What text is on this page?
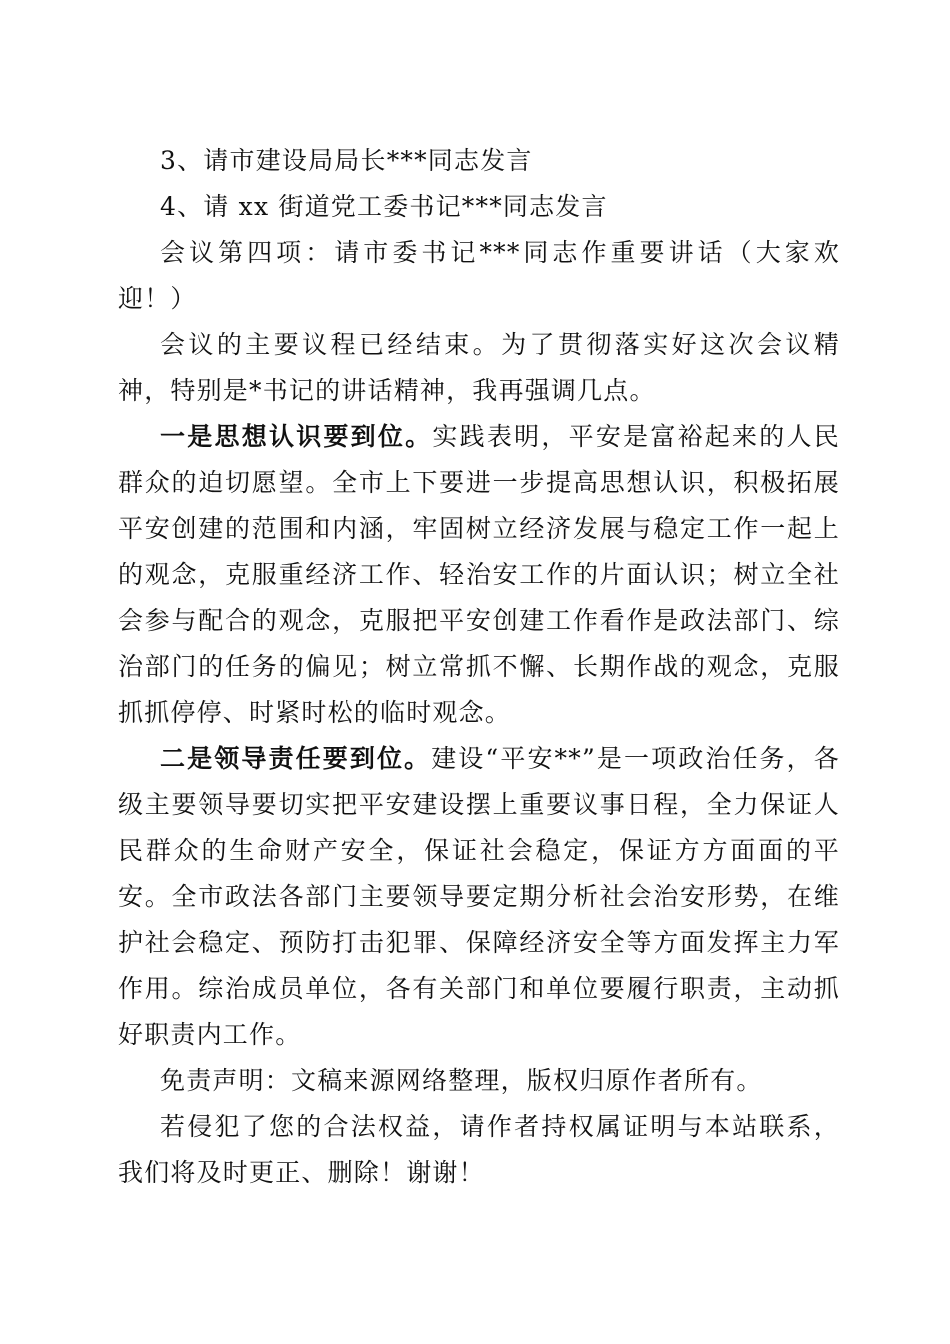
3、请市建设局局长***同志发言

4、请 xx 街道党工委书记***同志发言

会议第四项：请市委书记***同志作重要讲话（大家欢迎！）

会议的主要议程已经结束。为了贯彻落实好这次会议精神，特别是*书记的讲话精神，我再强调几点。

一是思想认识要到位。实践表明，平安是富裕起来的人民群众的迫切愿望。全市上下要进一步提高思想认识，积极拓展平安创建的范围和内涵，牢固树立经济发展与稳定工作一起上的观念，克服重经济工作、轻治安工作的片面认识；树立全社会参与配合的观念，克服把平安创建工作看作是政法部门、综治部门的任务的偏见；树立常抓不懈、长期作战的观念，克服抓抓停停、时紧时松的临时观念。

二是领导责任要到位。建设“平安**”是一项政治任务，各级主要领导要切实把平安建设摆上重要议事日程，全力保证人民群众的生命财产安全，保证社会稳定，保证方方面面的平安。全市政法各部门主要领导要定期分析社会治安形势，在维护社会稳定、预防打击犯罪、保障经济安全等方面发挥主力军作用。综治成员单位，各有关部门和单位要履行职责，主动抓好职责内工作。

免责声明：文稿来源网络整理，版权归原作者所有。

若侵犯了您的合法权益，请作者持权属证明与本站联系，我们将及时更正、删除！谢谢！
